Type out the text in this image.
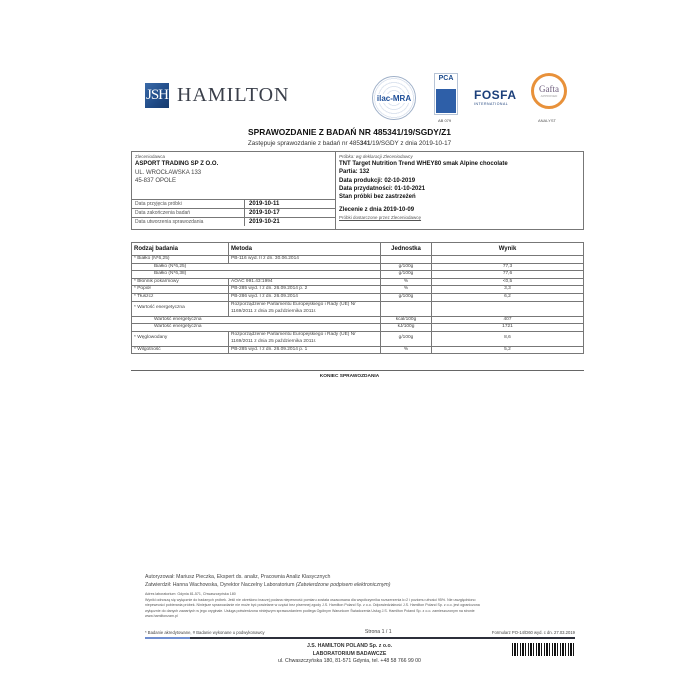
JSH HAMILTON	ilac-MRA
PCA
AB 079
FOSFA
INTERNATIONAL
Gafta
APPROVED
ANALYST
SPRAWOZDANIE Z BADAŃ NR 485341/19/SGDY/Z1
Zastępuje sprawozdanie z badań nr 485341/19/SGDY z dnia 2019-10-17
Zleceniodawca
ASPORT TRADING SP Z O.O.
UL. WROCŁAWSKA 133
45-837 OPOLE
Data przyjęcia próbki	2019-10-11
Data zakończenia badań	2019-10-17
Data utworzenia sprawozdania	2019-10-21
Próbka: wg deklaracji Zleceniodawcy
TNT Target Nutrition Trend WHEY80 smak Alpine chocolate
Partia: 132
Data produkcji: 02-10-2019
Data przydatności: 01-10-2021
Stan próbki bez zastrzeżeń
Zlecenie z dnia 2019-10-09
Próbki dostarczone przez Zleceniodawcę
Rodzaj badania	Metoda	Jednostka	Wynik
* Białko (N*6,25)	PB-116 wyd. II z dn. 30.06.2014		
Białko (N*6,25)		g/100g	77,3
Białko (N*6,38)		g/100g	77,6
* Błonnik pokarmowy	AOAC 991.43:1994	%	<0,5
* Popiół	PB-285 wyd. I z dn. 26.09.2014 p. 2	%	3,3
* Tłuszcz	PB-286 wyd. I z dn. 26.09.2014	g/100g	6,2
* Wartość energetyczna	Rozporządzenie Parlamentu Europejskiego i Rady (UE) Nr 1169/2011 z dnia 25 października 2011r.		
Wartość energetyczna		kcal/100g	407
Wartość energetyczna		kJ/100g	1721
* Węglowodany	Rozporządzenie Parlamentu Europejskiego i Rady (UE) Nr 1169/2011 z dnia 25 października 2011r.	g/100g	8,6
* Wilgotność	PB-285 wyd. I z dn. 26.09.2014 p. 1	%	5,2
KONIEC SPRAWOZDANIA
Autoryzował: Mariusz Pieczka, Ekspert ds. analiz, Pracownia Analiz Klasycznych
Zatwierdził: Hanna Wachowska, Dyrektor Naczelny Laboratorium (Zatwierdzone podpisem elektronicznym)
Adres laboratorium: Gdynia 81-571, Chwaszczyńska 180
Wyniki odnoszą się wyłącznie do badanych próbek. Jeśli nie określono inaczej podana niepewność pomiaru została oszacowana dla współczynnika rozszerzenia k=2 i poziomu ufności 95%. Nie uwzględniono
niepewności pobierania próbek. Niniejsze sprawozdanie nie może być powielane w części bez pisemnej zgody J.S. Hamilton Poland Sp. z o.o. Odpowiedzialność J.S. Hamilton Poland Sp. z o.o. jest ograniczona
wyłącznie do danych zawartych w jego oryginale. Usługa potwierdzona niniejszym sprawozdaniem podlega Ogólnym Warunkom Świadczenia Usług J.S. Hamilton Poland Sp. z o.o. zamieszczonym na stronie
www.hamiltonzam.pl
* Badanie akredytowane, # Badanie wykonane u podwykonawcy	Strona 1 / 1	Formularz PO-14/D60 wyd. c dn. 27.03.2019
J.S. HAMILTON POLAND Sp. z o.o.
LABORATORIUM BADAWCZE
ul. Chwaszczyńska 180, 81-571 Gdynia, tel. +48 58 766 99 00
